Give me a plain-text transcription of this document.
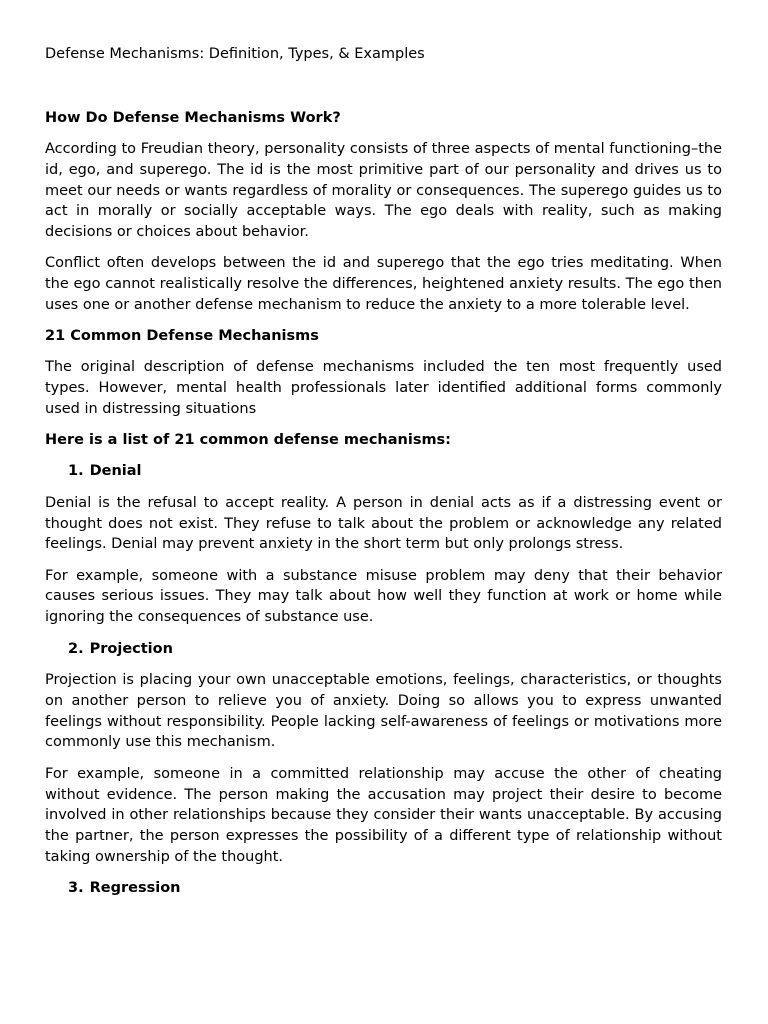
Defense Mechanisms: Definition, Types, & Examples
How Do Defense Mechanisms Work?

According to Freudian theory, personality consists of three aspects of mental functioning–the id, ego, and superego. The id is the most primitive part of our personality and drives us to meet our needs or wants regardless of morality or consequences. The superego guides us to act in morally or socially acceptable ways. The ego deals with reality, such as making decisions or choices about behavior.

Conflict often develops between the id and superego that the ego tries meditating. When the ego cannot realistically resolve the differences, heightened anxiety results. The ego then uses one or another defense mechanism to reduce the anxiety to a more tolerable level.

21 Common Defense Mechanisms

The original description of defense mechanisms included the ten most frequently used types. However, mental health professionals later identified additional forms commonly used in distressing situations

Here is a list of 21 common defense mechanisms:
1. Denial

Denial is the refusal to accept reality. A person in denial acts as if a distressing event or thought does not exist. They refuse to talk about the problem or acknowledge any related feelings. Denial may prevent anxiety in the short term but only prolongs stress.

For example, someone with a substance misuse problem may deny that their behavior causes serious issues. They may talk about how well they function at work or home while ignoring the consequences of substance use.

2. Projection

Projection is placing your own unacceptable emotions, feelings, characteristics, or thoughts on another person to relieve you of anxiety. Doing so allows you to express unwanted feelings without responsibility. People lacking self-awareness of feelings or motivations more commonly use this mechanism.

For example, someone in a committed relationship may accuse the other of cheating without evidence. The person making the accusation may project their desire to become involved in other relationships because they consider their wants unacceptable. By accusing the partner, the person expresses the possibility of a different type of relationship without taking ownership of the thought.

3. Regression
